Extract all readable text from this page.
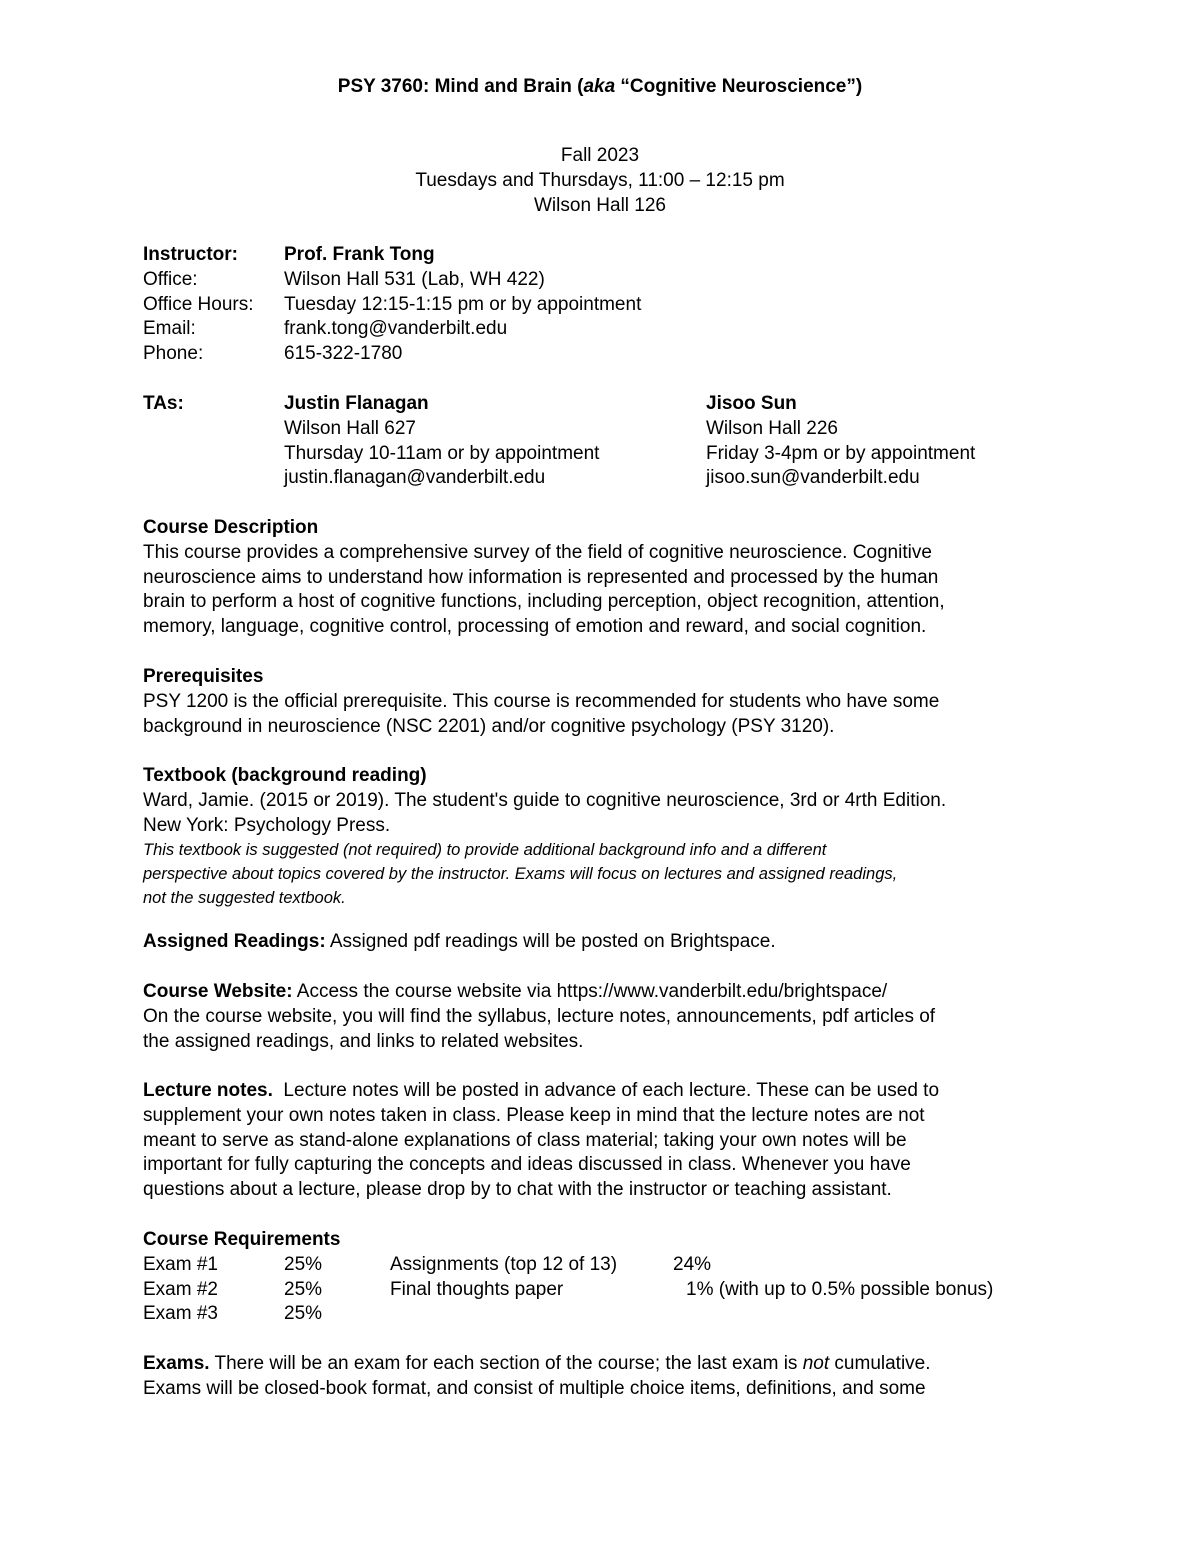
PSY 3760: Mind and Brain (aka “Cognitive Neuroscience”)
Fall 2023
Tuesdays and Thursdays, 11:00 – 12:15 pm
Wilson Hall 126
Instructor: Prof. Frank Tong
Office:	Wilson Hall 531 (Lab, WH 422)
Office Hours: Tuesday 12:15-1:15 pm or by appointment
Email:	frank.tong@vanderbilt.edu
Phone:	615-322-1780
TAs:	Justin Flanagan	Jisoo Sun
Wilson Hall 627	Wilson Hall 226
Thursday 10-11am or by appointment	Friday 3-4pm or by appointment
justin.flanagan@vanderbilt.edu	jisoo.sun@vanderbilt.edu
Course Description
This course provides a comprehensive survey of the field of cognitive neuroscience. Cognitive
neuroscience aims to understand how information is represented and processed by the human
brain to perform a host of cognitive functions, including perception, object recognition, attention,
memory, language, cognitive control, processing of emotion and reward, and social cognition.
Prerequisites
PSY 1200 is the official prerequisite. This course is recommended for students who have some
background in neuroscience (NSC 2201) and/or cognitive psychology (PSY 3120).
Textbook (background reading)
Ward, Jamie. (2015 or 2019). The student's guide to cognitive neuroscience, 3rd or 4rth Edition.
New York: Psychology Press.
This textbook is suggested (not required) to provide additional background info and a different
perspective about topics covered by the instructor. Exams will focus on lectures and assigned readings,
not the suggested textbook.
Assigned Readings: Assigned pdf readings will be posted on Brightspace.
Course Website: Access the course website via https://www.vanderbilt.edu/brightspace/
On the course website, you will find the syllabus, lecture notes, announcements, pdf articles of
the assigned readings, and links to related websites.
Lecture notes.  Lecture notes will be posted in advance of each lecture. These can be used to
supplement your own notes taken in class. Please keep in mind that the lecture notes are not
meant to serve as stand-alone explanations of class material; taking your own notes will be
important for fully capturing the concepts and ideas discussed in class. Whenever you have
questions about a lecture, please drop by to chat with the instructor or teaching assistant.
Course Requirements
Exam #1	25%	Assignments (top 12 of 13)	24%
Exam #2	25%	Final thoughts paper	1% (with up to 0.5% possible bonus)
Exam #3	25%
Exams. There will be an exam for each section of the course; the last exam is not cumulative.
Exams will be closed-book format, and consist of multiple choice items, definitions, and some
